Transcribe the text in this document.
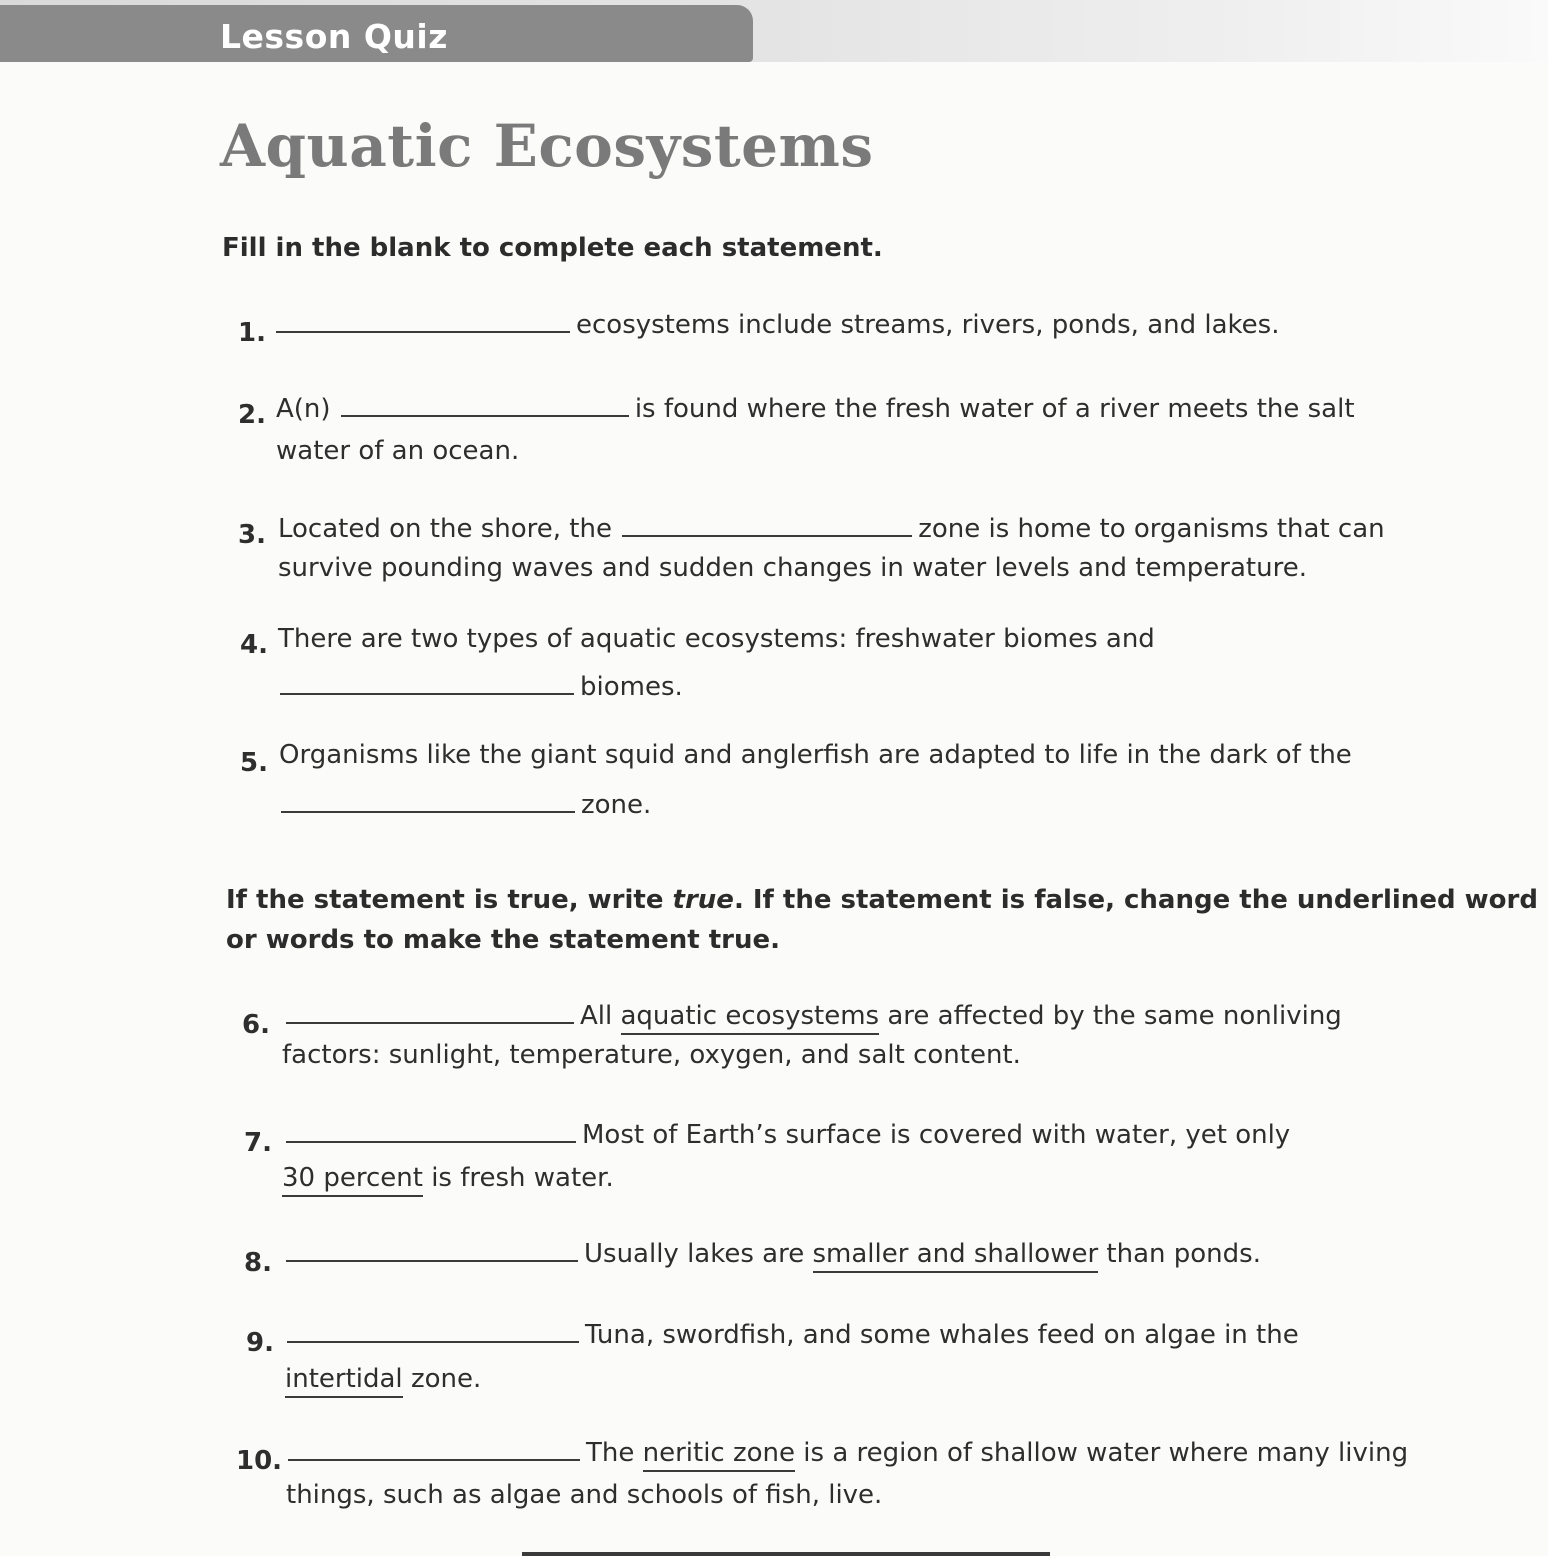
Lesson Quiz
Aquatic Ecosystems
Fill in the blank to complete each statement.
1.	ecosystems include streams, rivers, ponds, and lakes.
2. A(n)	is found where the fresh water of a river meets the salt
water of an ocean.
3. Located on the shore, the	zone is home to organisms that can
survive pounding waves and sudden changes in water levels and temperature.
4. There are two types of aquatic ecosystems: freshwater biomes and
biomes.
5. Organisms like the giant squid and anglerfish are adapted to life in the dark of the
zone.
If the statement is true, write true. If the statement is false, change the underlined word
or words to make the statement true.
6.	All aquatic ecosystems are affected by the same nonliving
factors: sunlight, temperature, oxygen, and salt content.
7.	Most of Earth’s surface is covered with water, yet only
30 percent is fresh water.
8.	Usually lakes are smaller and shallower than ponds.
9.	Tuna, swordfish, and some whales feed on algae in the
intertidal zone.
10.	The neritic zone is a region of shallow water where many living
things, such as algae and schools of fish, live.
